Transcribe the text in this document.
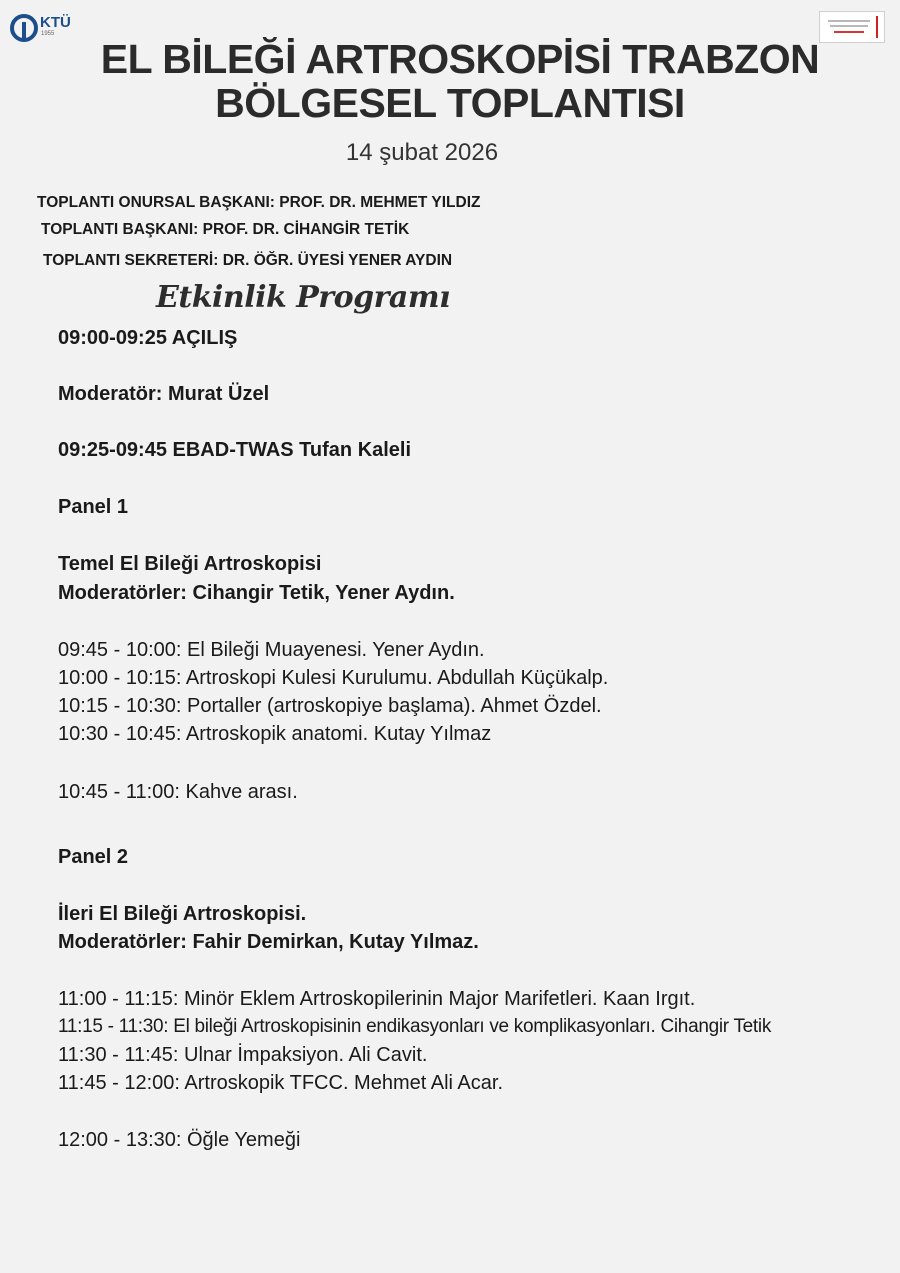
KTÜ
1955
EL BİLEĞİ ARTROSKOPİSİ TRABZON
BÖLGESEL TOPLANTISI
14 şubat 2026
TOPLANTI ONURSAL BAŞKANI: PROF. DR. MEHMET YILDIZ
TOPLANTI BAŞKANI: PROF. DR. CİHANGİR TETİK
TOPLANTI SEKRETERİ: DR. ÖĞR. ÜYESİ YENER AYDIN
Etkinlik Programı
09:00-09:25 AÇILIŞ
Moderatör: Murat Üzel
09:25-09:45 EBAD-TWAS Tufan Kaleli
Panel 1
Temel El Bileği Artroskopisi
Moderatörler: Cihangir Tetik, Yener Aydın.
09:45 - 10:00: El Bileği Muayenesi. Yener Aydın.
10:00 - 10:15: Artroskopi Kulesi Kurulumu. Abdullah Küçükalp.
10:15 - 10:30: Portaller (artroskopiye başlama). Ahmet Özdel.
10:30 - 10:45: Artroskopik anatomi. Kutay Yılmaz
10:45 - 11:00: Kahve arası.
Panel 2
İleri El Bileği Artroskopisi.
Moderatörler: Fahir Demirkan, Kutay Yılmaz.
11:00 - 11:15: Minör Eklem Artroskopilerinin Major Marifetleri. Kaan Irgıt.
11:15 - 11:30: El bileği Artroskopisinin endikasyonları ve komplikasyonları. Cihangir Tetik
11:30 - 11:45: Ulnar İmpaksiyon. Ali Cavit.
11:45 - 12:00: Artroskopik TFCC. Mehmet Ali Acar.
12:00 - 13:30: Öğle Yemeği
